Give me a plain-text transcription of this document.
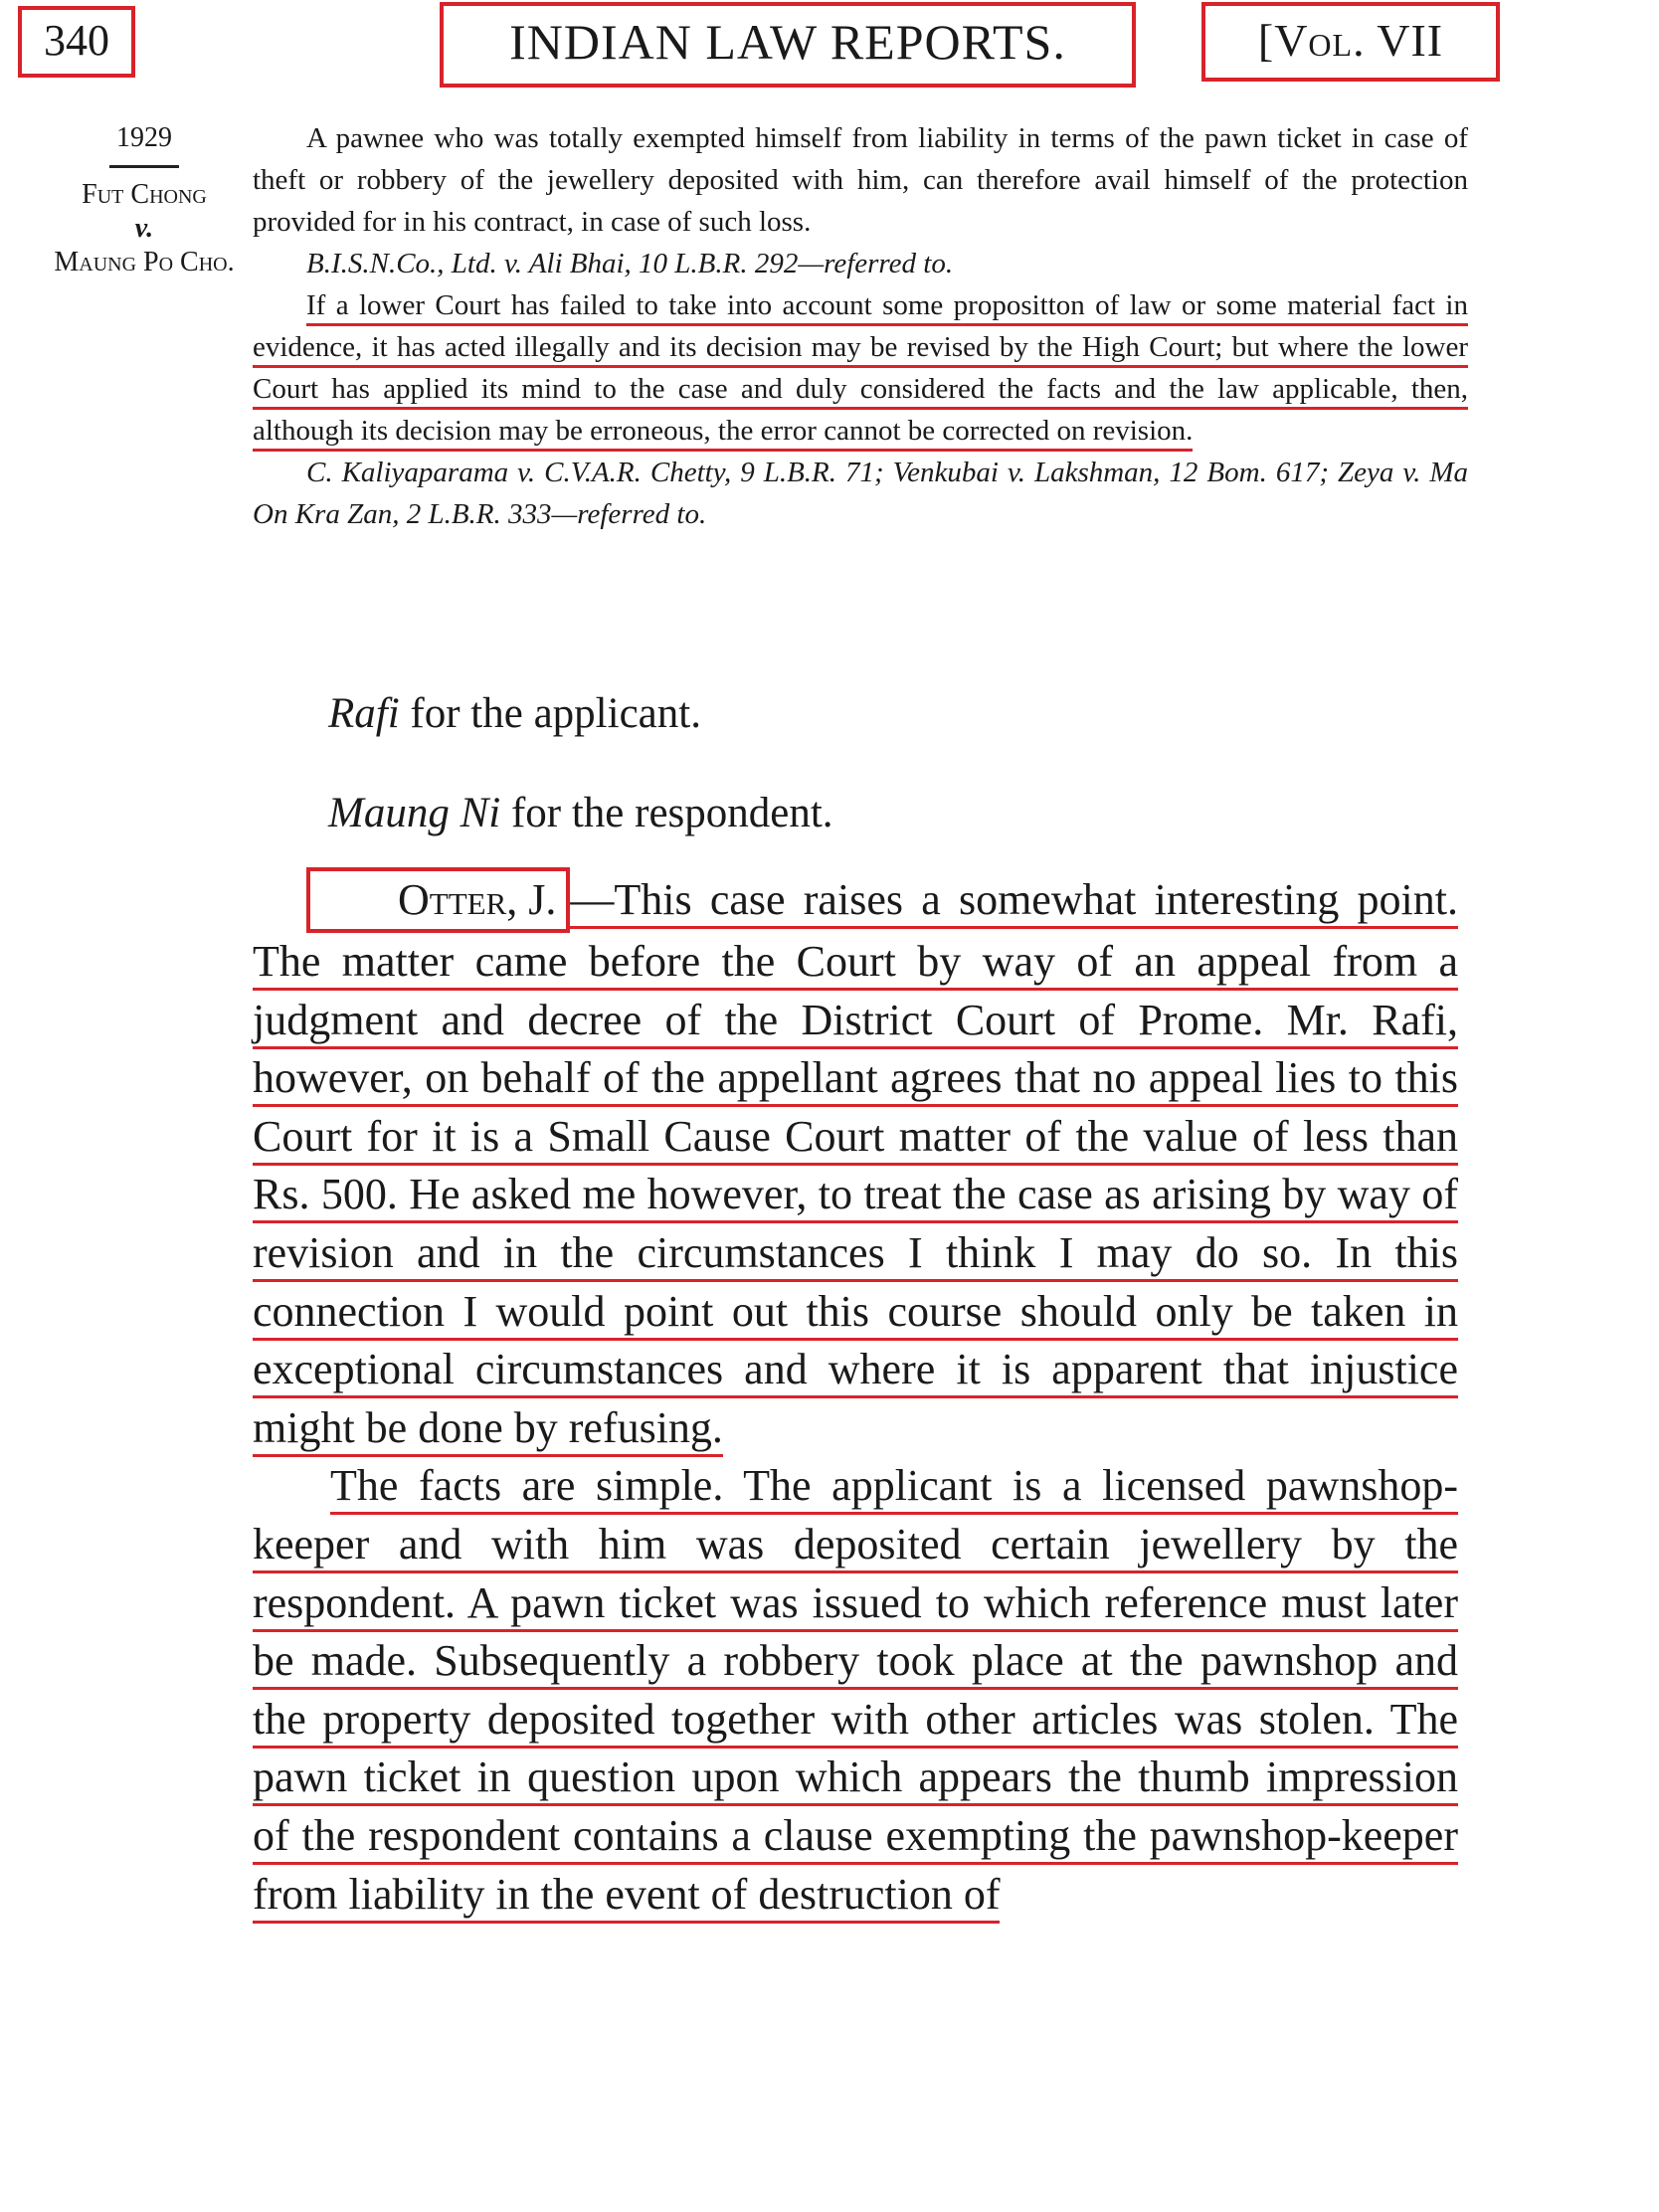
340	INDIAN LAW REPORTS.	[Vol. VII
1929
Fut Chong
v.
Maung Po Cho.

A pawnee who was totally exempted himself from liability in terms of the pawn ticket in case of theft or robbery of the jewellery deposited with him, can therefore avail himself of the protection provided for in his contract, in case of such loss.

B.I.S.N.Co., Ltd. v. Ali Bhai, 10 L.B.R. 292—referred to.

If a lower Court has failed to take into account some propositton of law or some material fact in evidence, it has acted illegally and its decision may be revised by the High Court; but where the lower Court has applied its mind to the case and duly considered the facts and the law applicable, then, although its decision may be erroneous, the error cannot be corrected on revision.

C. Kaliyaparama v. C.V.A.R. Chetty, 9 L.B.R. 71; Venkubai v. Lakshman, 12 Bom. 617; Zeya v. Ma On Kra Zan, 2 L.B.R. 333—referred to.

Rafi for the applicant.

Maung Ni for the respondent.

Otter, J. —This case raises a somewhat interesting point. The matter came before the Court by way of an appeal from a judgment and decree of the District Court of Prome. Mr. Rafi, however, on behalf of the appellant agrees that no appeal lies to this Court for it is a Small Cause Court matter of the value of less than Rs. 500. He asked me however, to treat the case as arising by way of revision and in the circumstances I think I may do so. In this connection I would point out this course should only be taken in exceptional circumstances and where it is apparent that injustice might be done by refusing.

The facts are simple. The applicant is a licensed pawnshop-keeper and with him was deposited certain jewellery by the respondent. A pawn ticket was issued to which reference must later be made. Subsequently a robbery took place at the pawnshop and the property deposited together with other articles was stolen. The pawn ticket in question upon which appears the thumb impression of the respondent contains a clause exempting the pawnshop-keeper from liability in the event of destruction of
